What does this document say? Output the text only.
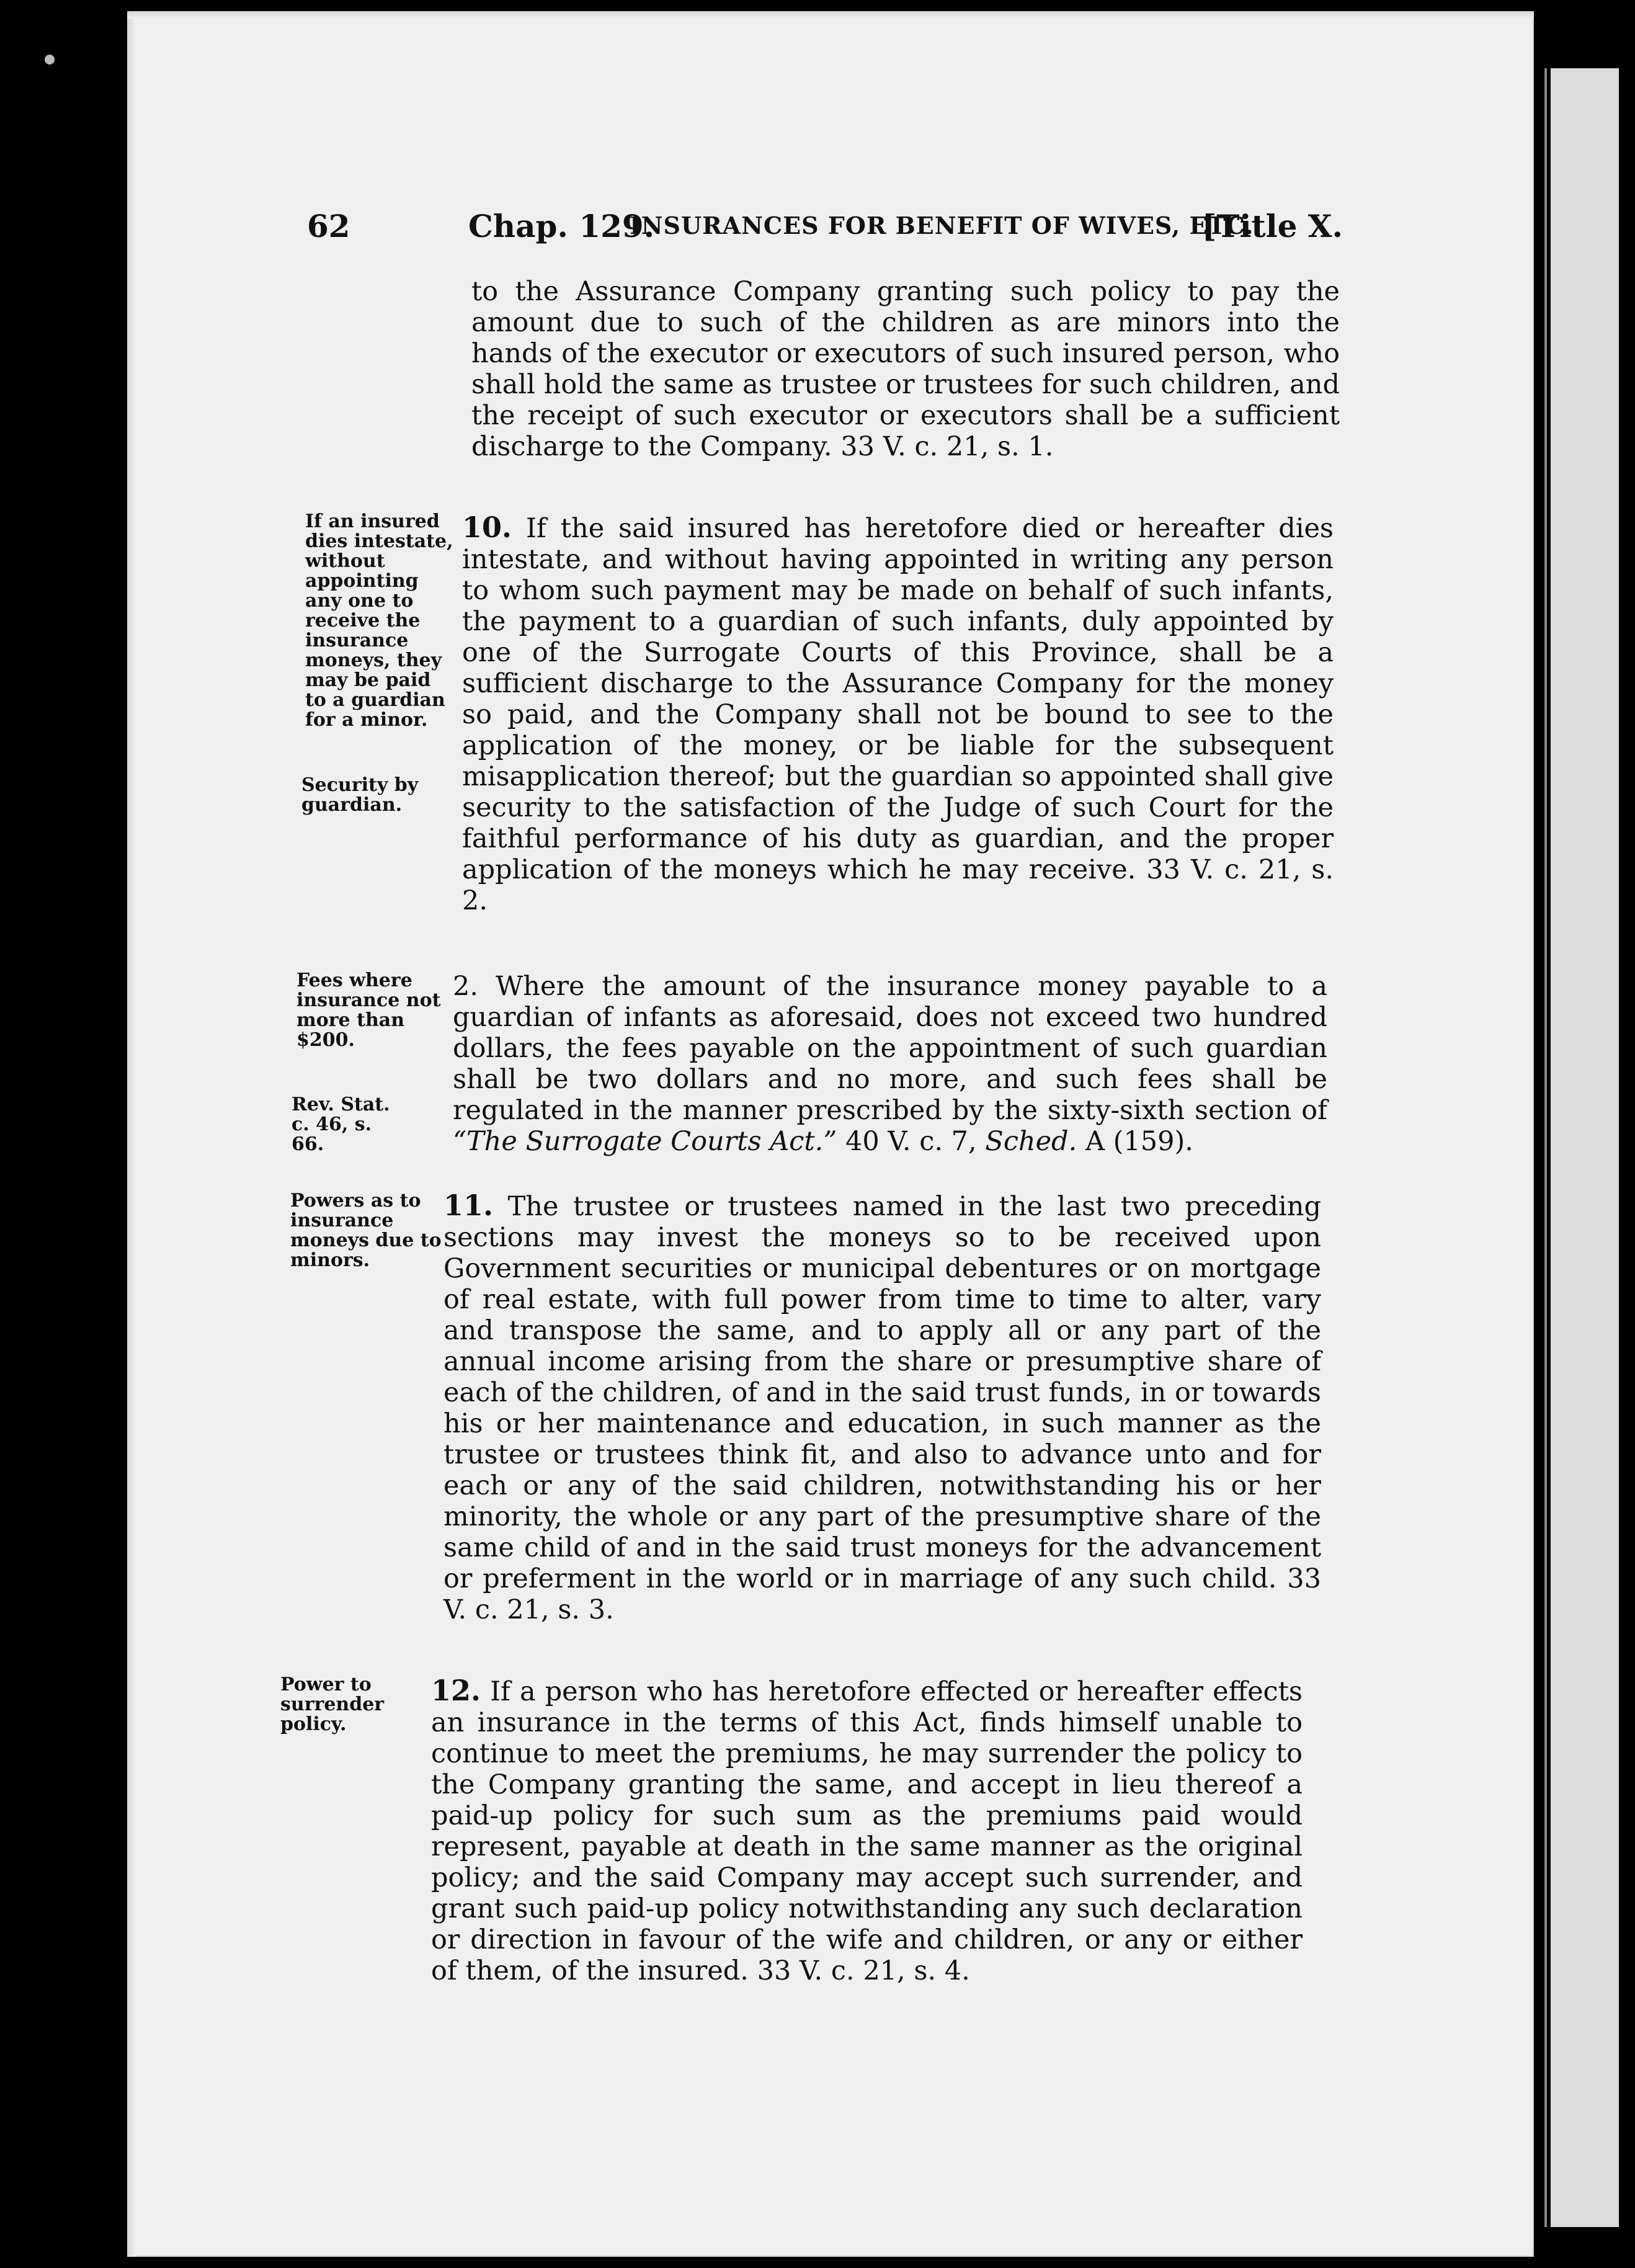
62	Chap. 129.
INSURANCES FOR BENEFIT OF WIVES, ETC.
[Title X.

to the Assurance Company granting such policy to pay the amount due to such of the children as are minors into the hands of the executor or executors of such insured person, who shall hold the same as trustee or trustees for such children, and the receipt of such executor or executors shall be a sufficient discharge to the Company. 33 V. c. 21, s. 1.

If an insured dies intestate, without appointing any one to receive the insurance moneys, they may be paid to a guardian for a minor.

10. If the said insured has heretofore died or hereafter dies intestate, and without having appointed in writing any person to whom such payment may be made on behalf of such infants, the payment to a guardian of such infants, duly appointed by one of the Surrogate Courts of this Province, shall be a sufficient discharge to the Assurance Company for the money so paid, and the Company shall not be bound to see to the application of the money, or be liable for the subsequent misapplication thereof; but the guardian so appointed shall give security to the satisfaction of the Judge of such Court for the faithful performance of his duty as guardian, and the proper application of the moneys which he may receive. 33 V. c. 21, s. 2.

Security by guardian.

Fees where insurance not more than $200.

2. Where the amount of the insurance money payable to a guardian of infants as aforesaid, does not exceed two hundred dollars, the fees payable on the appointment of such guardian shall be two dollars and no more, and such fees shall be regulated in the manner prescribed by the sixty-sixth section of “The Surrogate Courts Act.” 40 V. c. 7, Sched. A (159).

Rev. Stat. c. 46, s. 66.

Powers as to insurance moneys due to minors.

11. The trustee or trustees named in the last two preceding sections may invest the moneys so to be received upon Government securities or municipal debentures or on mortgage of real estate, with full power from time to time to alter, vary and transpose the same, and to apply all or any part of the annual income arising from the share or presumptive share of each of the children, of and in the said trust funds, in or towards his or her maintenance and education, in such manner as the trustee or trustees think fit, and also to advance unto and for each or any of the said children, notwithstanding his or her minority, the whole or any part of the presumptive share of the same child of and in the said trust moneys for the advancement or preferment in the world or in marriage of any such child. 33 V. c. 21, s. 3.

Power to surrender policy.

12. If a person who has heretofore effected or hereafter effects an insurance in the terms of this Act, finds himself unable to continue to meet the premiums, he may surrender the policy to the Company granting the same, and accept in lieu thereof a paid-up policy for such sum as the premiums paid would represent, payable at death in the same manner as the original policy; and the said Company may accept such surrender, and grant such paid-up policy notwithstanding any such declaration or direction in favour of the wife and children, or any or either of them, of the insured. 33 V. c. 21, s. 4.
